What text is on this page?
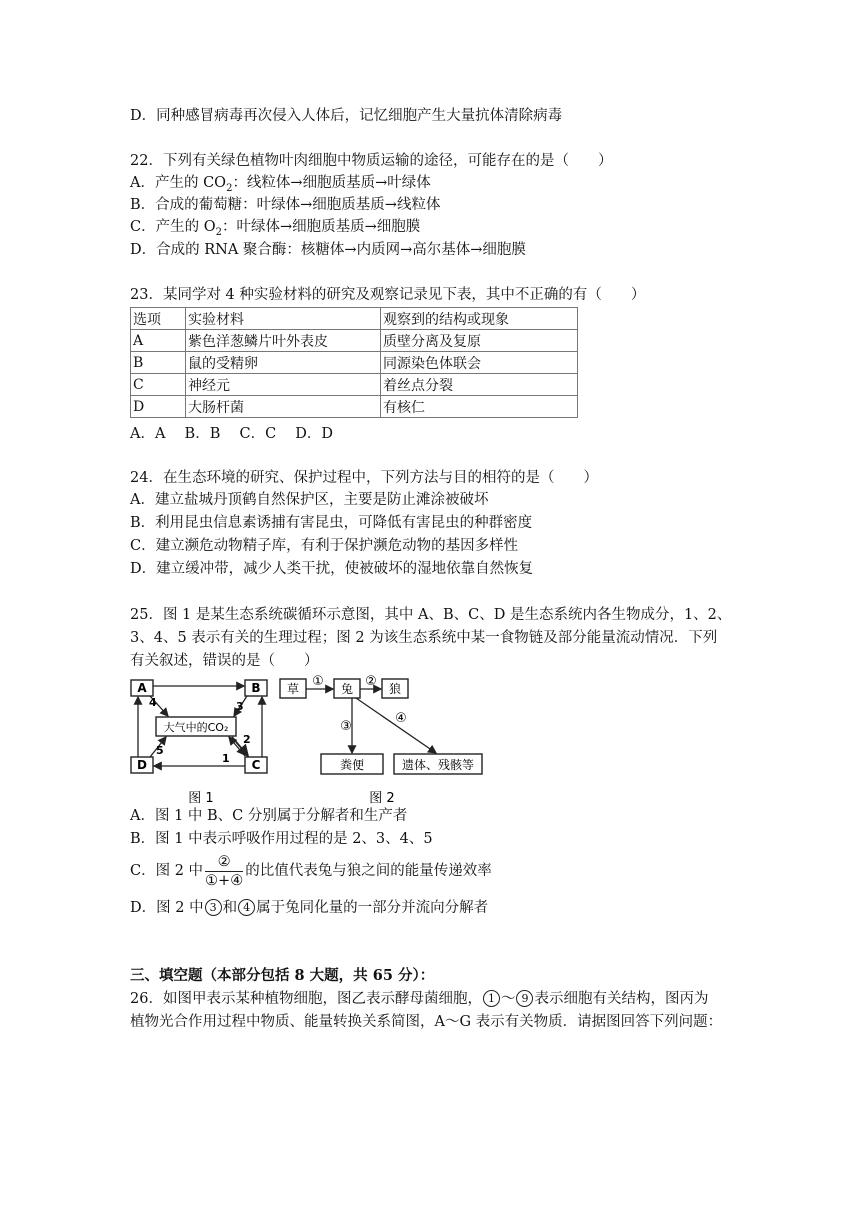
D．同种感冒病毒再次侵入人体后，记忆细胞产生大量抗体清除病毒
22．下列有关绿色植物叶肉细胞中物质运输的途径，可能存在的是（　　）
A．产生的 $CO_2$：线粒体→细胞质基质→叶绿体
B．合成的葡萄糖：叶绿体→细胞质基质→线粒体
C．产生的 $O_2$：叶绿体→细胞质基质→细胞膜
D．合成的 RNA 聚合酶：核糖体→内质网→高尔基体→细胞膜
23．某同学对 4 种实验材料的研究及观察记录见下表，其中不正确的有（　　）
选项	实验材料	观察到的结构或现象
A	紫色洋葱鳞片叶外表皮	质壁分离及复原
B	鼠的受精卵	同源染色体联会
C	神经元	着丝点分裂
D	大肠杆菌	有核仁
A．A　 B．B　 C．C　 D．D
24．在生态环境的研究、保护过程中，下列方法与目的相符的是（　　）
A．建立盐城丹顶鹤自然保护区，主要是防止滩涂被破坏
B．利用昆虫信息素诱捕有害昆虫，可降低有害昆虫的种群密度
C．建立濒危动物精子库，有利于保护濒危动物的基因多样性
D．建立缓冲带，减少人类干扰，使被破坏的湿地依靠自然恢复
25．图 1 是某生态系统碳循环示意图，其中 A、B、C、D 是生态系统内各生物成分，1、2、
3、4、5 表示有关的生理过程；图 2 为该生态系统中某一食物链及部分能量流动情况．下列
有关叙述，错误的是（　　）
A	B
D	C
大气中的CO₂
4
5
3
2
1
图 1
草	兔	狼
粪便	遗体、残骸等
①	②
③
④
图 2
A．图 1 中 B、C 分别属于分解者和生产者
B．图 1 中表示呼吸作用过程的是 2、3、4、5
C．图 2 中 $\frac{\text{②}}{\text{①+④}}$ 的比值代表兔与狼之间的能量传递效率
D．图 2 中 3 和 4 属于兔同化量的一部分并流向分解者
三、填空题（本部分包括 8 大题，共 65 分）：
26．如图甲表示某种植物细胞，图乙表示酵母菌细胞， 1 ～ 9 表示细胞有关结构，图丙为
植物光合作用过程中物质、能量转换关系简图，A～G 表示有关物质．请据图回答下列问题：
